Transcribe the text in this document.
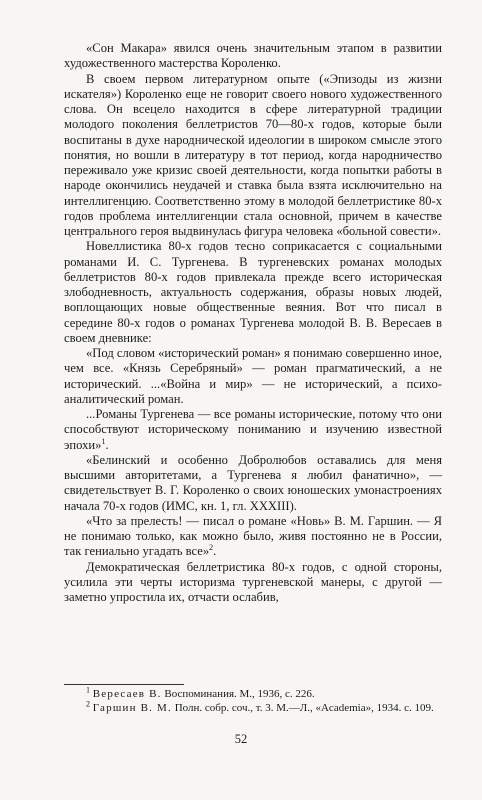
«Сон Макара» явился очень значительным этапом в развитии художественного мастерства Короленко.

В своем первом литературном опыте («Эпизоды из жизни искателя») Короленко еще не говорит своего нового художественного слова. Он всецело находится в сфере литературной традиции молодого поколения беллетристов 70—80-х годов, которые были воспитаны в духе народнической идеологии в широком смысле этого понятия, но вошли в литературу в тот период, когда народничество переживало уже кризис своей деятельности, когда попытки работы в народе окончились неудачей и ставка была взята исключительно на интеллигенцию. Соответственно этому в молодой беллетристике 80-х годов проблема интеллигенции стала основной, причем в качестве центрального героя выдвинулась фигура человека «больной совести».

Новеллистика 80-х годов тесно соприкасается с социальными романами И. С. Тургенева. В тургеневских романах молодых беллетристов 80-х годов привлекала прежде всего историческая злободневность, актуальность содержания, образы новых людей, воплощающих новые общественные веяния. Вот что писал в середине 80-х годов о романах Тургенева молодой В. В. Вересаев в своем дневнике:

«Под словом «исторический роман» я понимаю совершенно иное, чем все. «Князь Серебряный» — роман прагматический, а не исторический. ...«Война и мир» — не исторический, а психо-аналитический роман.

...Романы Тургенева — все романы исторические, потому что они способствуют историческому пониманию и изучению известной эпохи»$^1$.

«Белинский и особенно Добролюбов оставались для меня высшими авторитетами, а Тургенева я любил фанатично», — свидетельствует В. Г. Короленко о своих юношеских умонастроениях начала 70-х годов (ИМС, кн. 1, гл. XXXIII).

«Что за прелесть! — писал о романе «Новь» В. М. Гаршин. — Я не понимаю только, как можно было, живя постоянно не в России, так гениально угадать все»$^2$.

Демократическая беллетристика 80-х годов, с одной стороны, усилила эти черты историзма тургеневской манеры, с другой — заметно упростила их, отчасти ослабив,

$^1$ Вересаев В. Воспоминания. М., 1936, с. 226.

$^2$ Гаршин В. М. Полн. собр. соч., т. 3. М.—Л., «Academia», 1934. с. 109.

52
